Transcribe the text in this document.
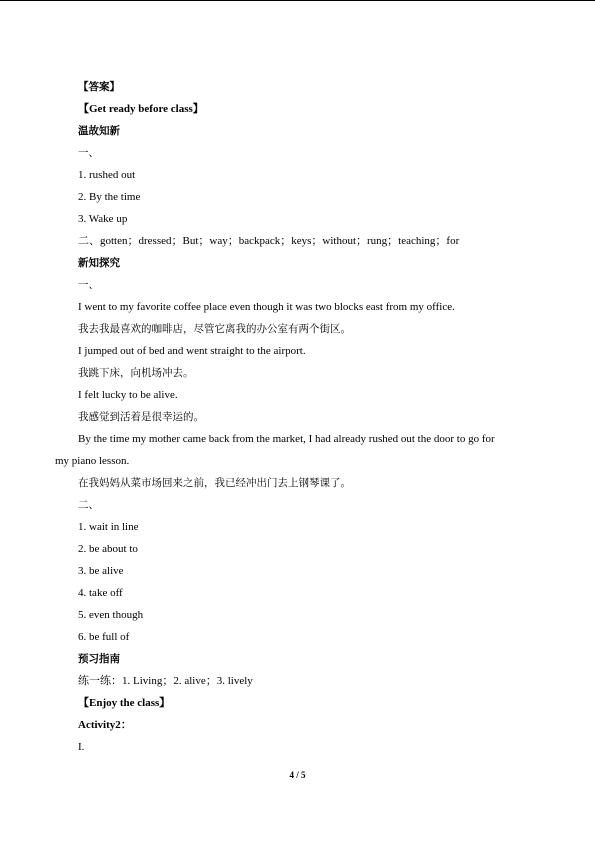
【答案】
【Get ready before class】
温故知新
一、
1. rushed out
2. By the time
3. Wake up
二、gotten；dressed；But；way；backpack；keys；without；rung；teaching；for
新知探究
一、
I went to my favorite coffee place even though it was two blocks east from my office.
我去我最喜欢的咖啡店，尽管它离我的办公室有两个街区。
I jumped out of bed and went straight to the airport.
我跳下床，向机场冲去。
I felt lucky to be alive.
我感觉到活着是很幸运的。
By the time my mother came back from the market, I had already rushed out the door to go for
my piano lesson.
在我妈妈从菜市场回来之前，我已经冲出门去上钢琴课了。
二、
1. wait in line
2. be about to
3. be alive
4. take off
5. even though
6. be full of
预习指南
练一练：1. Living；2. alive；3. lively
【Enjoy the class】
Activity2：
I.
4 / 5
